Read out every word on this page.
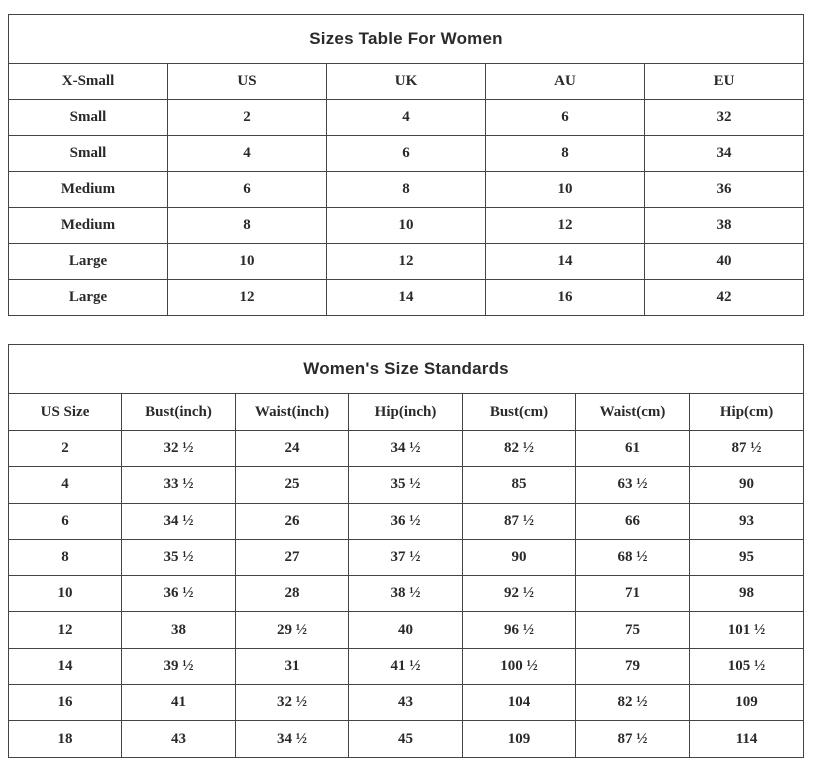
Sizes Table For Women				
X-Small	US	UK	AU	EU
Small	2	4	6	32
Small	4	6	8	34
Medium	6	8	10	36
Medium	8	10	12	38
Large	10	12	14	40
Large	12	14	16	42
Women's Size Standards						
US Size	Bust(inch)	Waist(inch)	Hip(inch)	Bust(cm)	Waist(cm)	Hip(cm)
2	32 ½	24	34 ½	82 ½	61	87 ½
4	33 ½	25	35 ½	85	63 ½	90
6	34 ½	26	36 ½	87 ½	66	93
8	35 ½	27	37 ½	90	68 ½	95
10	36 ½	28	38 ½	92 ½	71	98
12	38	29 ½	40	96 ½	75	101 ½
14	39 ½	31	41 ½	100 ½	79	105 ½
16	41	32 ½	43	104	82 ½	109
18	43	34 ½	45	109	87 ½	114
